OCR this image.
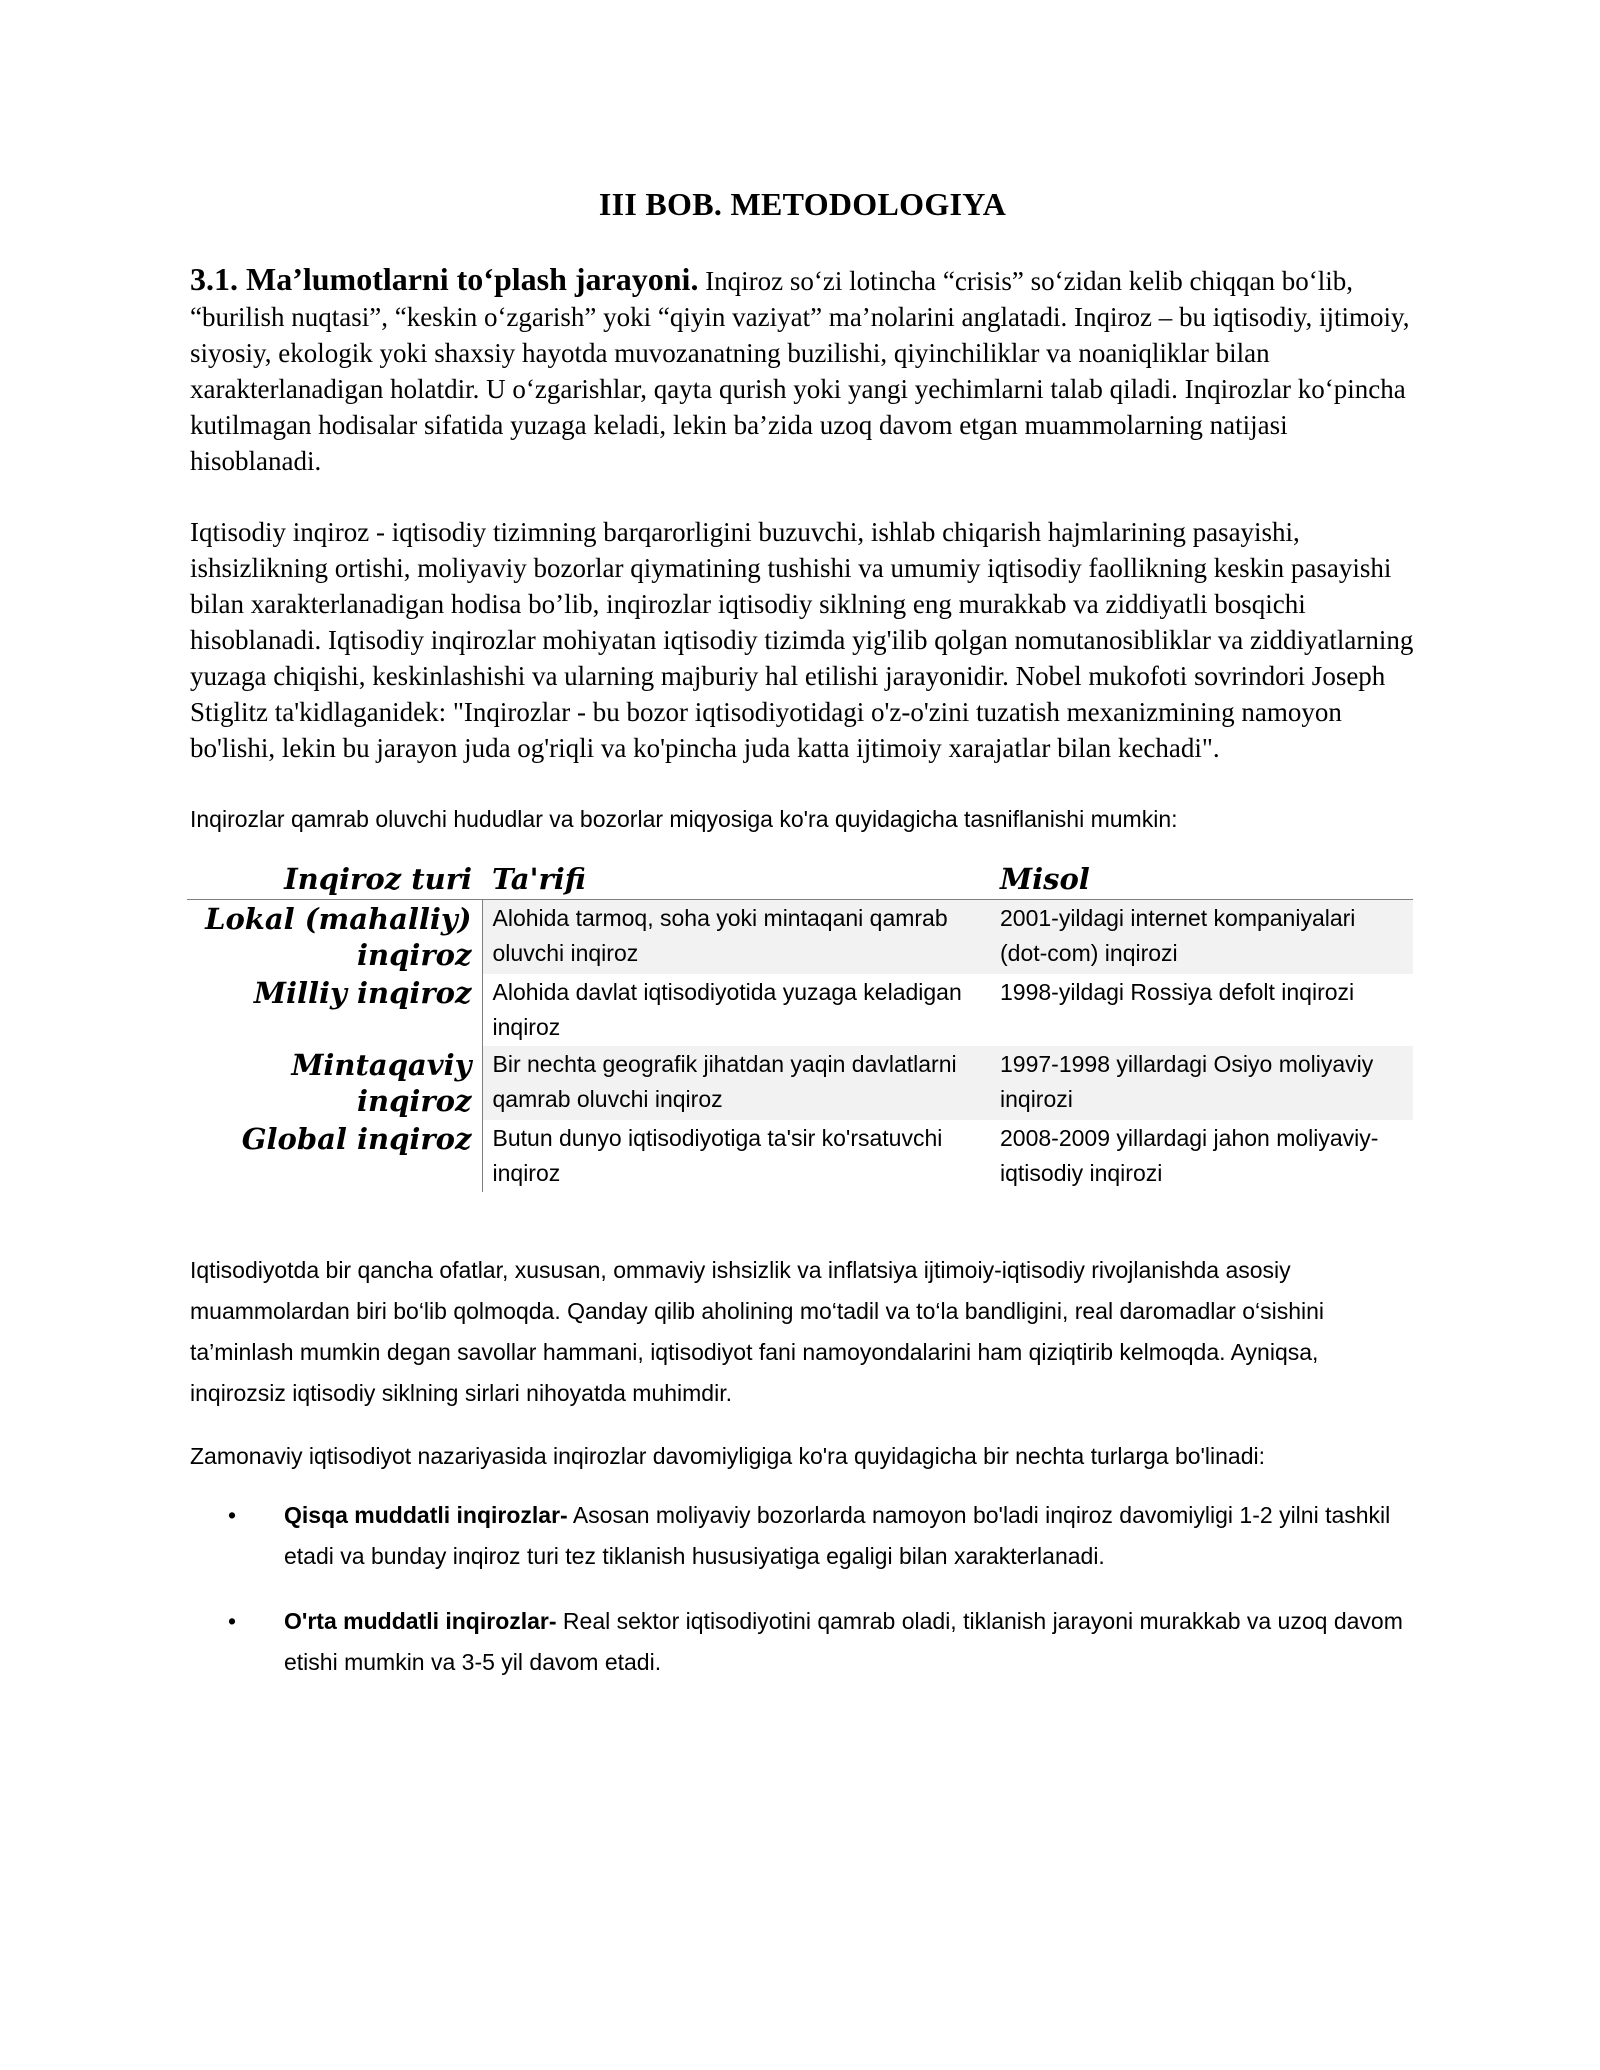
III BOB. METODOLOGIYA

3.1. Ma’lumotlarni to‘plash jarayoni. Inqiroz so‘zi lotincha “crisis” so‘zidan kelib chiqqan bo‘lib, “burilish nuqtasi”, “keskin o‘zgarish” yoki “qiyin vaziyat” ma’nolarini anglatadi. Inqiroz – bu iqtisodiy, ijtimoiy, siyosiy, ekologik yoki shaxsiy hayotda muvozanatning buzilishi, qiyinchiliklar va noaniqliklar bilan xarakterlanadigan holatdir. U o‘zgarishlar, qayta qurish yoki yangi yechimlarni talab qiladi. Inqirozlar ko‘pincha kutilmagan hodisalar sifatida yuzaga keladi, lekin ba’zida uzoq davom etgan muammolarning natijasi hisoblanadi.

Iqtisodiy inqiroz - iqtisodiy tizimning barqarorligini buzuvchi, ishlab chiqarish hajmlarining pasayishi, ishsizlikning ortishi, moliyaviy bozorlar qiymatining tushishi va umumiy iqtisodiy faollikning keskin pasayishi bilan xarakterlanadigan hodisa bo’lib, inqirozlar iqtisodiy siklning eng murakkab va ziddiyatli bosqichi hisoblanadi. Iqtisodiy inqirozlar mohiyatan iqtisodiy tizimda yig'ilib qolgan nomutanosibliklar va ziddiyatlarning yuzaga chiqishi, keskinlashishi va ularning majburiy hal etilishi jarayonidir. Nobel mukofoti sovrindori Joseph Stiglitz ta'kidlaganidek: "Inqirozlar - bu bozor iqtisodiyotidagi o'z-o'zini tuzatish mexanizmining namoyon bo'lishi, lekin bu jarayon juda og'riqli va ko'pincha juda katta ijtimoiy xarajatlar bilan kechadi".

Inqirozlar qamrab oluvchi hududlar va bozorlar miqyosiga ko'ra quyidagicha tasniflanishi mumkin:

Inqiroz turi	Ta'rifi	Misol
Lokal (mahalliy) inqiroz	Alohida tarmoq, soha yoki mintaqani qamrab oluvchi inqiroz	2001-yildagi internet kompaniyalari (dot-com) inqirozi
Milliy inqiroz	Alohida davlat iqtisodiyotida yuzaga keladigan inqiroz	1998-yildagi Rossiya defolt inqirozi
Mintaqaviy inqiroz	Bir nechta geografik jihatdan yaqin davlatlarni qamrab oluvchi inqiroz	1997-1998 yillardagi Osiyo moliyaviy inqirozi
Global inqiroz	Butun dunyo iqtisodiyotiga ta'sir ko'rsatuvchi inqiroz	2008-2009 yillardagi jahon moliyaviy-iqtisodiy inqirozi

Iqtisodiyotda bir qancha ofatlar, xususan, ommaviy ishsizlik va inflatsiya ijtimoiy-iqtisodiy rivojlanishda asosiy muammolardan biri bo‘lib qolmoqda. Qanday qilib aholining mo‘tadil va to‘la bandligini, real daromadlar o‘sishini ta’minlash mumkin degan savollar hammani, iqtisodiyot fani namoyondalarini ham qiziqtirib kelmoqda. Ayniqsa, inqirozsiz iqtisodiy siklning sirlari nihoyatda muhimdir.

Zamonaviy iqtisodiyot nazariyasida inqirozlar davomiyligiga ko'ra quyidagicha bir nechta turlarga bo'linadi:

• Qisqa muddatli inqirozlar- Asosan moliyaviy bozorlarda namoyon bo'ladi inqiroz davomiyligi 1-2 yilni tashkil etadi va bunday inqiroz turi tez tiklanish hususiyatiga egaligi bilan xarakterlanadi.
• O'rta muddatli inqirozlar- Real sektor iqtisodiyotini qamrab oladi, tiklanish jarayoni murakkab va uzoq davom etishi mumkin va 3-5 yil davom etadi.
